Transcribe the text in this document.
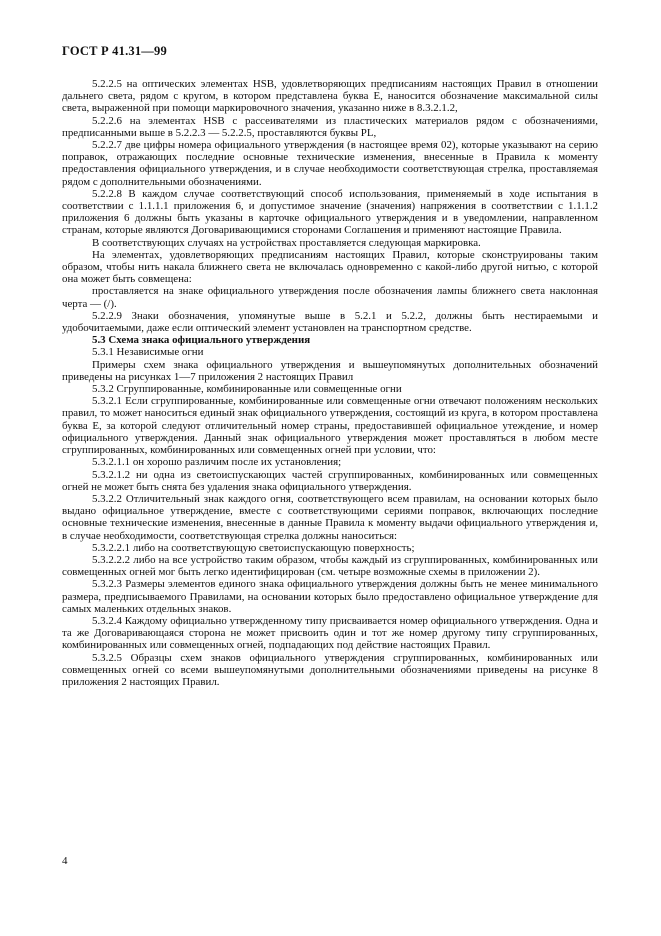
ГОСТ Р 41.31—99

5.2.2.5 на оптических элементах HSB, удовлетворяющих предписаниям настоящих Правил в отношении дальнего света, рядом с кругом, в котором представлена буква Е, наносится обозначение максимальной силы света, выраженной при помощи маркировочного значения, указанно ниже в 8.3.2.1.2,

5.2.2.6 на элементах HSB с рассеивателями из пластических материалов рядом с обозначениями, предписанными выше в 5.2.2.3 — 5.2.2.5, проставляются буквы PL,

5.2.2.7 две цифры номера официального утверждения (в настоящее время 02), которые указывают на серию поправок, отражающих последние основные технические изменения, внесенные в Правила к моменту предоставления официального утверждения, и в случае необходимости соответствующая стрелка, проставляемая рядом с дополнительными обозначениями.

5.2.2.8 В каждом случае соответствующий способ использования, применяемый в ходе испытания в соответствии с 1.1.1.1 приложения 6, и допустимое значение (значения) напряжения в соответствии с 1.1.1.2 приложения 6 должны быть указаны в карточке официального утверждения и в уведомлении, направленном странам, которые являются Договаривающимися сторонами Соглашения и применяют настоящие Правила.

В соответствующих случаях на устройствах проставляется следующая маркировка.

На элементах, удовлетворяющих предписаниям настоящих Правил, которые сконструированы таким образом, чтобы нить накала ближнего света не включалась одновременно с какой-либо другой нитью, с которой она может быть совмещена:

проставляется на знаке официального утверждения после обозначения лампы ближнего света наклонная черта — (/).

5.2.2.9 Знаки обозначения, упомянутые выше в 5.2.1 и 5.2.2, должны быть нестираемыми и удобочитаемыми, даже если оптический элемент установлен на транспортном средстве.

5.3 Схема знака официального утверждения

5.3.1 Независимые огни

Примеры схем знака официального утверждения и вышеупомянутых дополнительных обозначений приведены на рисунках 1—7 приложения 2 настоящих Правил

5.3.2 Сгруппированные, комбинированные или совмещенные огни

5.3.2.1 Если сгруппированные, комбинированные или совмещенные огни отвечают положениям нескольких правил, то может наноситься единый знак официального утверждения, состоящий из круга, в котором проставлена буква Е, за которой следуют отличительный номер страны, предоставившей официальное утеждение, и номер официального утверждения. Данный знак официального утверждения может проставляться в любом месте сгруппированных, комбинированных или совмещенных огней при условии, что:

5.3.2.1.1 он хорошо различим после их установления;

5.3.2.1.2 ни одна из светоиспускающих частей сгруппированных, комбинированных или совмещенных огней не может быть снята без удаления знака официального утверждения.

5.3.2.2 Отличительный знак каждого огня, соответствующего всем правилам, на основании которых было выдано официальное утверждение, вместе с соответствующими сериями поправок, включающих последние основные технические изменения, внесенные в данные Правила к моменту выдачи официального утверждения и, в случае необходимости, соответствующая стрелка должны наноситься:

5.3.2.2.1 либо на соответствующую светоиспускающую поверхность;

5.3.2.2.2 либо на все устройство таким образом, чтобы каждый из сгруппированных, комбинированных или совмещенных огней мог быть легко идентифицирован (см. четыре возможные схемы в приложении 2).

5.3.2.3 Размеры элементов единого знака официального утверждения должны быть не менее минимального размера, предписываемого Правилами, на основании которых было предоставлено официальное утверждение для самых маленьких отдельных знаков.

5.3.2.4 Каждому официально утвержденному типу присваивается номер официального утверждения. Одна и та же Договаривающаяся сторона не может присвоить один и тот же номер другому типу сгруппированных, комбинированных или совмещенных огней, подпадающих под действие настоящих Правил.

5.3.2.5 Образцы схем знаков официального утверждения сгруппированных, комбинированных или совмещенных огней со всеми вышеупомянутыми дополнительными обозначениями приведены на рисунке 8 приложения 2 настоящих Правил.

4
